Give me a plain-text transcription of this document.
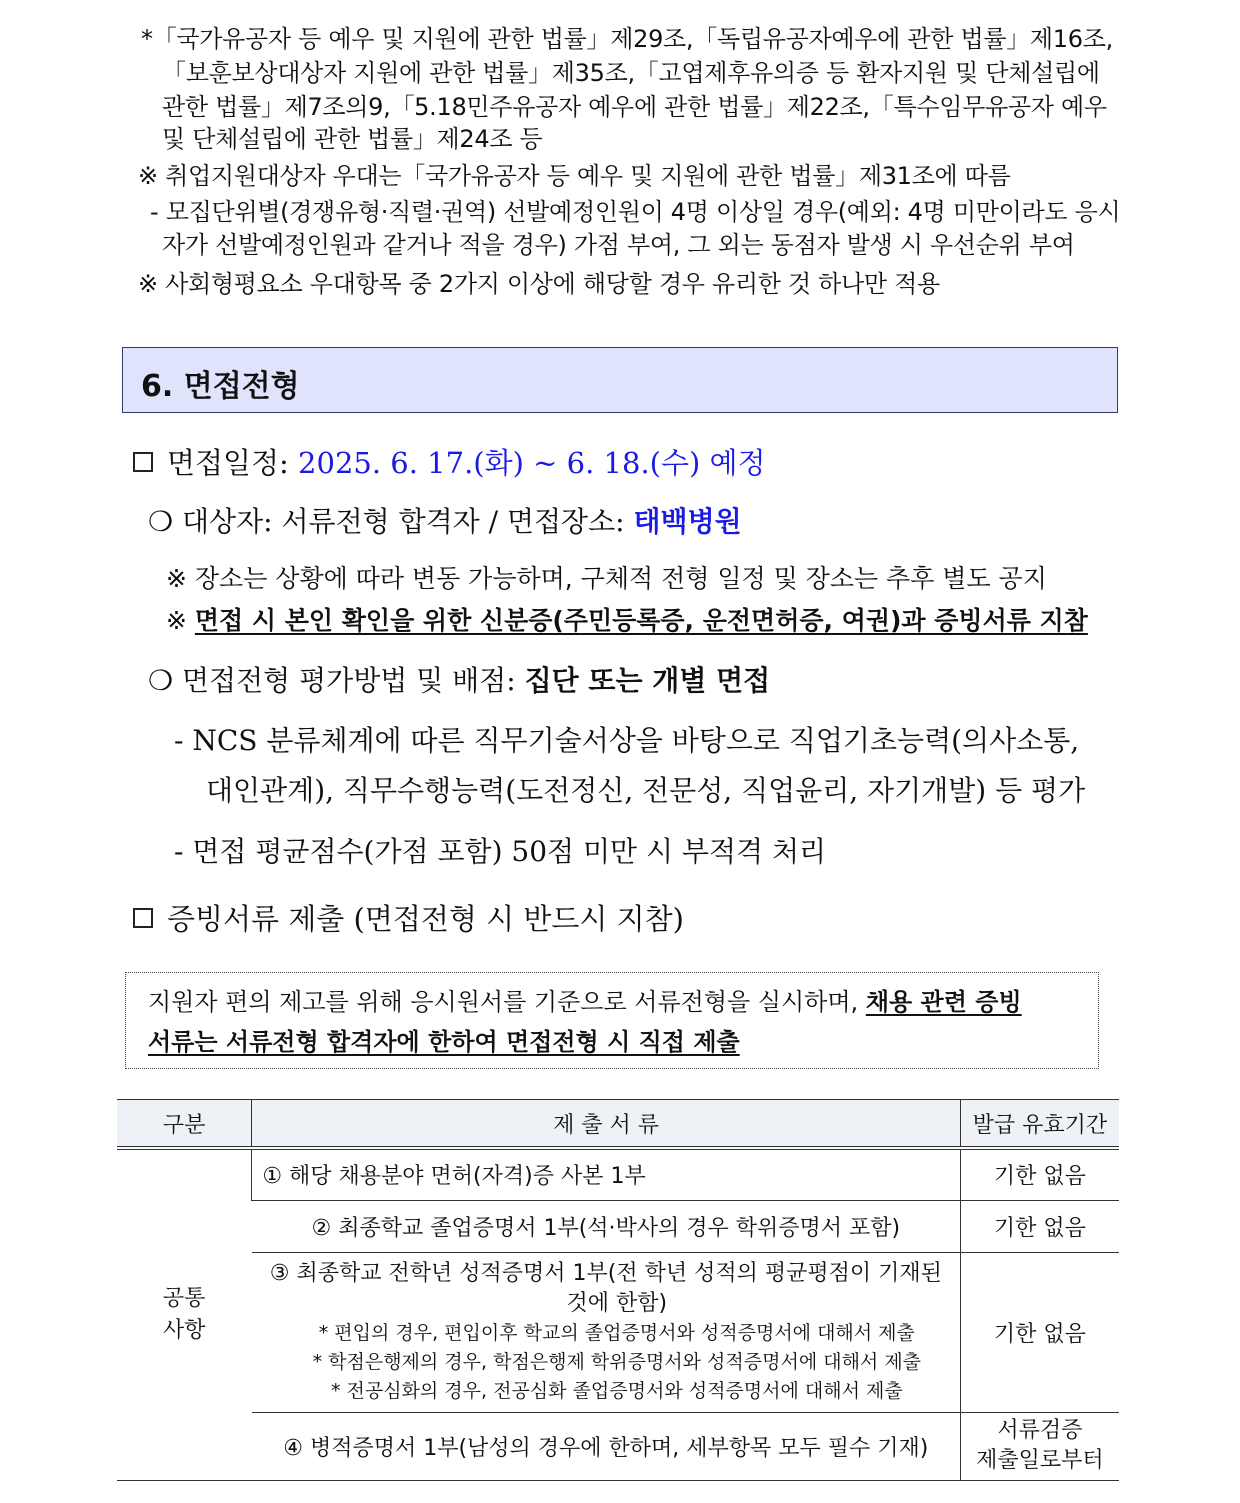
*「국가유공자 등 예우 및 지원에 관한 법률」제29조,「독립유공자예우에 관한 법률」제16조,
「보훈보상대상자 지원에 관한 법률」제35조,「고엽제후유의증 등 환자지원 및 단체설립에
관한 법률」제7조의9,「5.18민주유공자 예우에 관한 법률」제22조,「특수임무유공자 예우
및 단체설립에 관한 법률」제24조 등
※ 취업지원대상자 우대는「국가유공자 등 예우 및 지원에 관한 법률」제31조에 따름
- 모집단위별(경쟁유형·직렬·권역) 선발예정인원이 4명 이상일 경우(예외: 4명 미만이라도 응시
자가 선발예정인원과 같거나 적을 경우) 가점 부여, 그 외는 동점자 발생 시 우선순위 부여
※ 사회형평요소 우대항목 중 2가지 이상에 해당할 경우 유리한 것 하나만 적용
6. 면접전형
면접일정: 2025. 6. 17.(화) ~ 6. 18.(수) 예정
❍ 대상자: 서류전형 합격자 / 면접장소: 태백병원
※ 장소는 상황에 따라 변동 가능하며, 구체적 전형 일정 및 장소는 추후 별도 공지
※ 면접 시 본인 확인을 위한 신분증(주민등록증, 운전면허증, 여권)과 증빙서류 지참
❍ 면접전형 평가방법 및 배점: 집단 또는 개별 면접
- NCS 분류체계에 따른 직무기술서상을 바탕으로 직업기초능력(의사소통,
대인관계), 직무수행능력(도전정신, 전문성, 직업윤리, 자기개발) 등 평가
- 면접 평균점수(가점 포함) 50점 미만 시 부적격 처리
증빙서류 제출 (면접전형 시 반드시 지참)
지원자 편의 제고를 위해 응시원서를 기준으로 서류전형을 실시하며, 채용 관련 증빙
서류는 서류전형 합격자에 한하여 면접전형 시 직접 제출
구분	제 출 서 류	발급 유효기간

공통
사항	① 해당 채용분야 면허(자격)증 사본 1부	기한 없음
	② 최종학교 졸업증명서 1부(석·박사의 경우 학위증명서 포함)	기한 없음

	③ 최종학교 전학년 성적증명서 1부(전 학년 성적의 평균평점이 기재된
것에 한함)
* 편입의 경우, 편입이후 학교의 졸업증명서와 성적증명서에 대해서 제출
* 학점은행제의 경우, 학점은행제 학위증명서와 성적증명서에 대해서 제출
* 전공심화의 경우, 전공심화 졸업증명서와 성적증명서에 대해서 제출	기한 없음
	④ 병적증명서 1부(남성의 경우에 한하며, 세부항목 모두 필수 기재)	서류검증
제출일로부터
